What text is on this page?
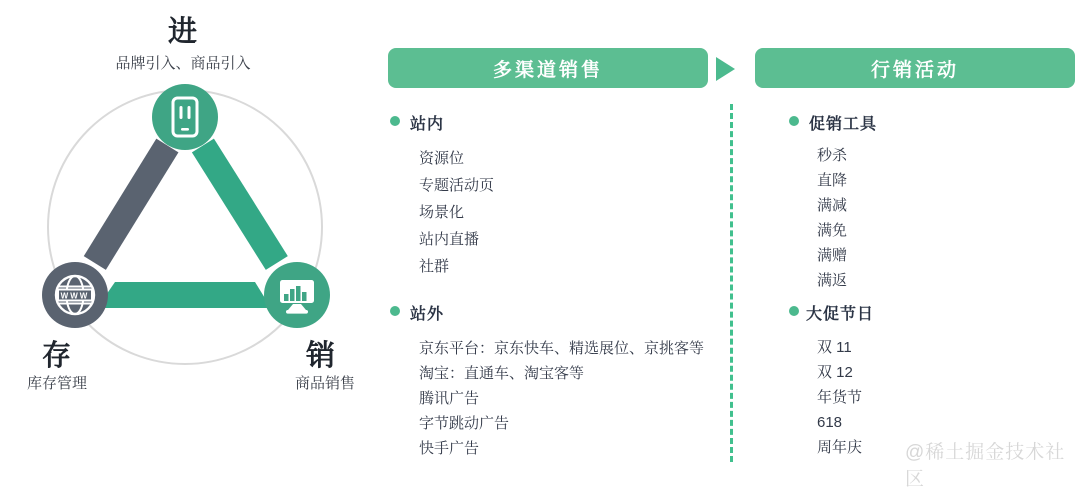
进
品牌引入、商品引入
WWW
存
库存管理
销
商品销售
多渠道销售	行销活动
站内
资源位
专题活动页
场景化
站内直播
社群
站外
京东平台：京东快车、精选展位、京挑客等
淘宝：直通车、淘宝客等
腾讯广告
字节跳动广告
快手广告
促销工具
秒杀
直降
满减
满免
满赠
满返
大促节日
双 11
双 12
年货节
618
周年庆 @稀土掘金技术社区
